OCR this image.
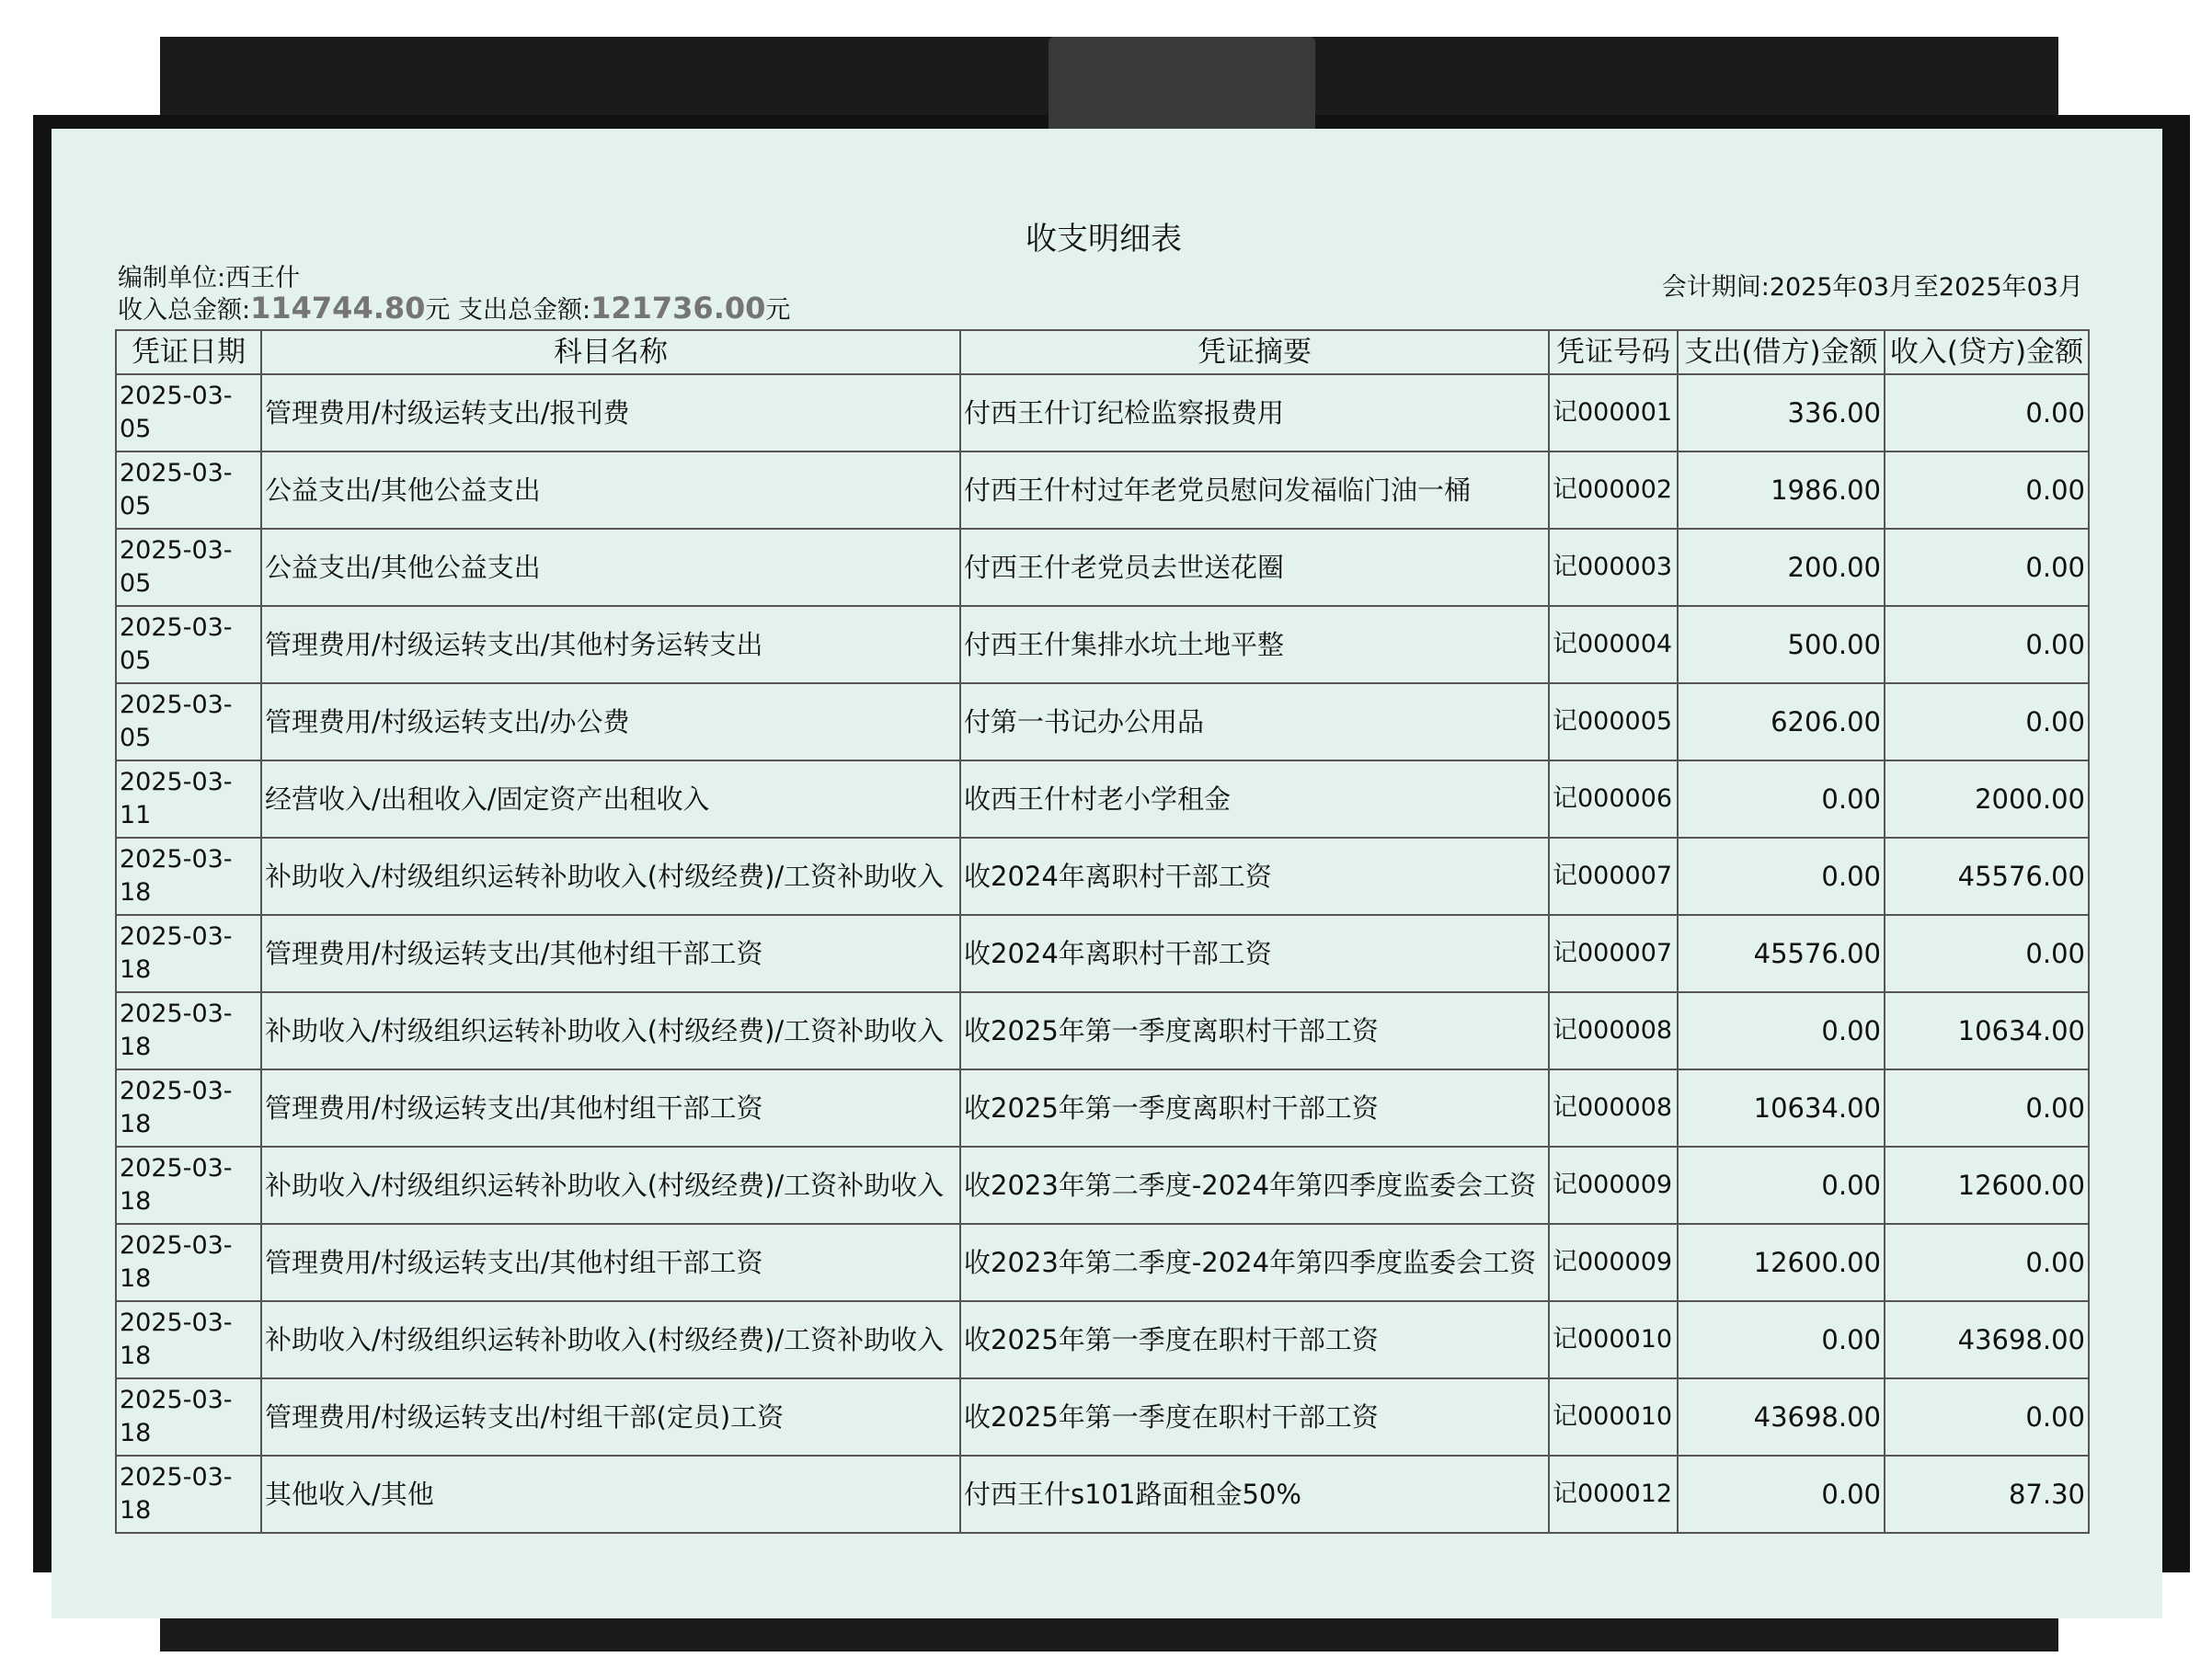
收支明细表
编制单位:西王什	会计期间:2025年03月至2025年03月
收入总金额:114744.80元 支出总金额:121736.00元
凭证日期	科目名称	凭证摘要	凭证号码	支出(借方)金额	收入(贷方)金额
2025-03-05	管理费用/村级运转支出/报刊费	付西王什订纪检监察报费用	记000001	336.00	0.00
2025-03-05	公益支出/其他公益支出	付西王什村过年老党员慰问发福临门油一桶	记000002	1986.00	0.00
2025-03-05	公益支出/其他公益支出	付西王什老党员去世送花圈	记000003	200.00	0.00
2025-03-05	管理费用/村级运转支出/其他村务运转支出	付西王什集排水坑土地平整	记000004	500.00	0.00
2025-03-05	管理费用/村级运转支出/办公费	付第一书记办公用品	记000005	6206.00	0.00
2025-03-11	经营收入/出租收入/固定资产出租收入	收西王什村老小学租金	记000006	0.00	2000.00
2025-03-18	补助收入/村级组织运转补助收入(村级经费)/工资补助收入	收2024年离职村干部工资	记000007	0.00	45576.00
2025-03-18	管理费用/村级运转支出/其他村组干部工资	收2024年离职村干部工资	记000007	45576.00	0.00
2025-03-18	补助收入/村级组织运转补助收入(村级经费)/工资补助收入	收2025年第一季度离职村干部工资	记000008	0.00	10634.00
2025-03-18	管理费用/村级运转支出/其他村组干部工资	收2025年第一季度离职村干部工资	记000008	10634.00	0.00
2025-03-18	补助收入/村级组织运转补助收入(村级经费)/工资补助收入	收2023年第二季度-2024年第四季度监委会工资	记000009	0.00	12600.00
2025-03-18	管理费用/村级运转支出/其他村组干部工资	收2023年第二季度-2024年第四季度监委会工资	记000009	12600.00	0.00
2025-03-18	补助收入/村级组织运转补助收入(村级经费)/工资补助收入	收2025年第一季度在职村干部工资	记000010	0.00	43698.00
2025-03-18	管理费用/村级运转支出/村组干部(定员)工资	收2025年第一季度在职村干部工资	记000010	43698.00	0.00
2025-03-18	其他收入/其他	付西王什s101路面租金50%	记000012	0.00	87.30
